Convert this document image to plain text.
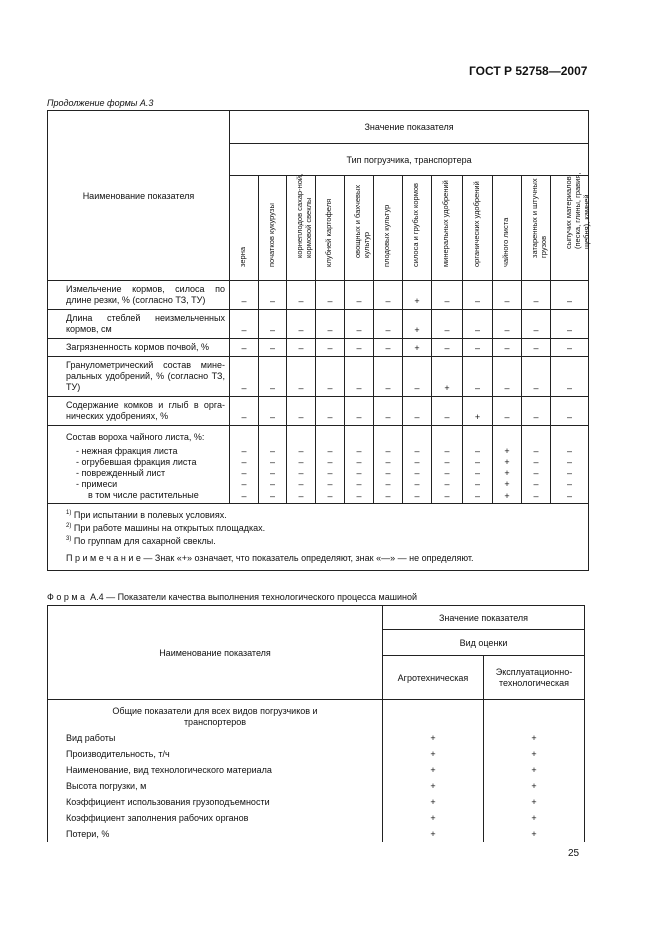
ГОСТ Р 52758—2007
Продолжение формы А.3
Наименование показателя	Значение показателя											
	Тип погрузчика, транспортера											

	зерна	початков кукурузы	корнеплодов сахар-ной, кормовой свеклы	клубней картофеля	овощных и бахчевых культур	плодовых культур	силоса и грубых кормов	минеральных удобрений	органических удобрений	чайного листа	затаренных и штучных грузов	сыпучих материалов (песка, глины, гравия, щебня), камней

Измельчение кормов, силоса по длине резки, % (согласно ТЗ, ТУ)	–	–	–	–	–	–	+	–	–	–	–	–
Длина стеблей неизмельченных кормов, см	–	–	–	–	–	–	+	–	–	–	–	–
Загрязненность кормов почвой, %	–	–	–	–	–	–	+	–	–	–	–	–
Гранулометрический состав мине-ральных удобрений, % (согласно ТЗ, ТУ)	–	–	–	–	–	–	–	+	–	–	–	–
Содержание комков и глыб в орга-нических удобрениях, %	–	–	–	–	–	–	–	–	+	–	–	–
Состав вороха чайного листа, %:												
- нежная фракция листа	–	–	–	–	–	–	–	–	–	+	–	–
- огрубевшая фракция листа	–	–	–	–	–	–	–	–	–	+	–	–
- поврежденный лист	–	–	–	–	–	–	–	–	–	+	–	–
- примеси	–	–	–	–	–	–	–	–	–	+	–	–
в том числе растительные	–	–	–	–	–	–	–	–	–	+	–	–

$^{1)}$ При испытании в полевых условиях.
$^{2)}$ При работе машины на открытых площадках.
$^{3)}$ По группам для сахарной свеклы.
П р и м е ч а н и е — Знак «+» означает, что показатель определяют, знак «—» — не определяют.												
Ф о р м а  А.4 — Показатели качества выполнения технологического процесса машиной
Наименование показателя	Значение показателя	
	Вид оценки	
	Агротехническая	Эксплуатационно-технологическая
Общие показатели для всех видов погрузчиков и транспортеров		
Вид работы	+	+
Производительность, т/ч	+	+
Наименование, вид технологического материала	+	+
Высота погрузки, м	+	+
Коэффициент использования грузоподъемности	+	+
Коэффициент заполнения рабочих органов	+	+
Потери, %	+	+
25
